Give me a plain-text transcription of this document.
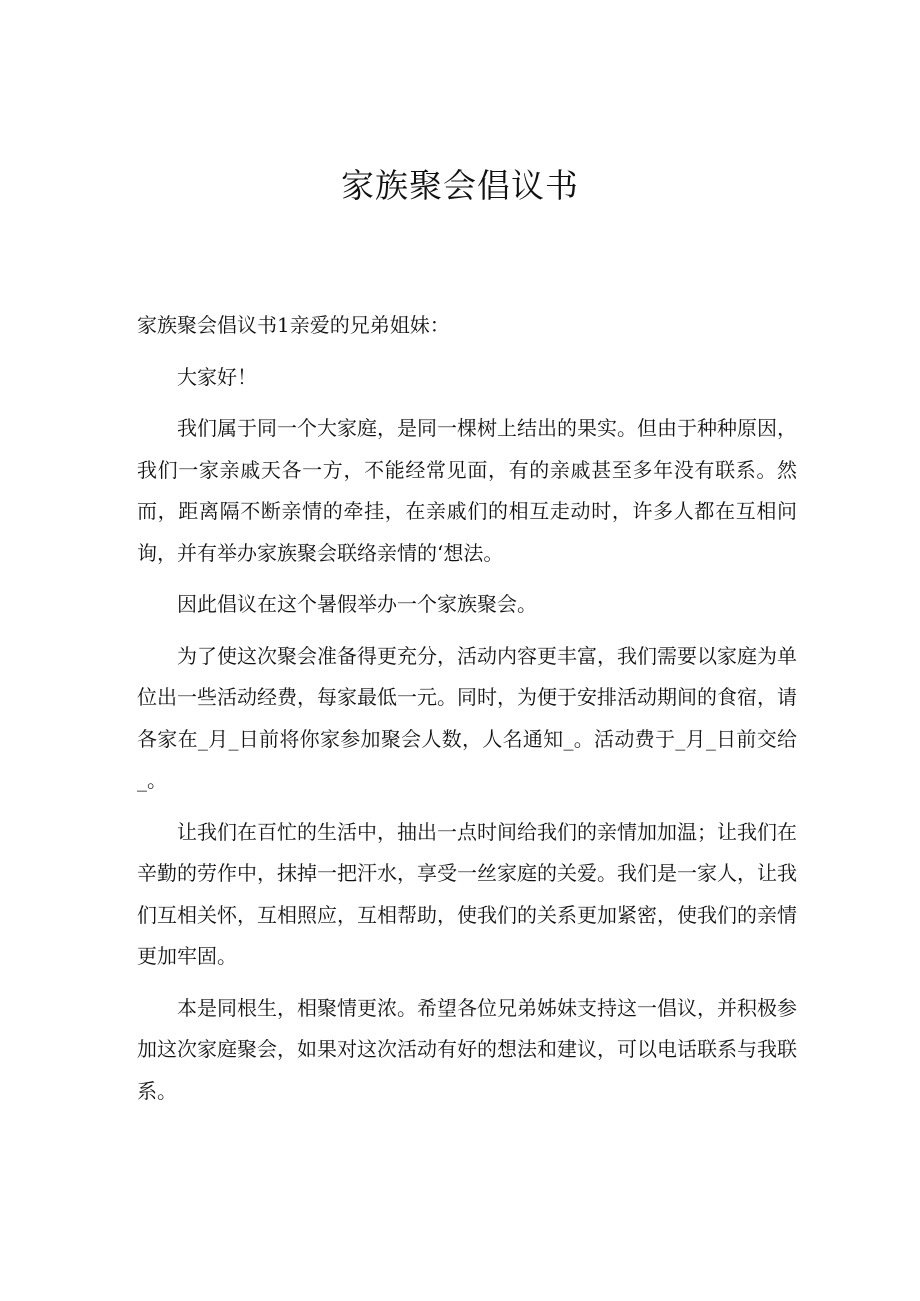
家族聚会倡议书

家族聚会倡议书1亲爱的兄弟姐妹：

大家好！

我们属于同一个大家庭，是同一棵树上结出的果实。但由于种种原因，我们一家亲戚天各一方，不能经常见面，有的亲戚甚至多年没有联系。然而，距离隔不断亲情的牵挂，在亲戚们的相互走动时，许多人都在互相问询，并有举办家族聚会联络亲情的‘想法。

因此倡议在这个暑假举办一个家族聚会。

为了使这次聚会准备得更充分，活动内容更丰富，我们需要以家庭为单位出一些活动经费，每家最低一元。同时，为便于安排活动期间的食宿，请各家在_月_日前将你家参加聚会人数，人名通知_。活动费于_月_日前交给_。

让我们在百忙的生活中，抽出一点时间给我们的亲情加加温；让我们在辛勤的劳作中，抹掉一把汗水，享受一丝家庭的关爱。我们是一家人，让我们互相关怀，互相照应，互相帮助，使我们的关系更加紧密，使我们的亲情更加牢固。

本是同根生，相聚情更浓。希望各位兄弟姊妹支持这一倡议，并积极参加这次家庭聚会，如果对这次活动有好的想法和建议，可以电话联系与我联系。
